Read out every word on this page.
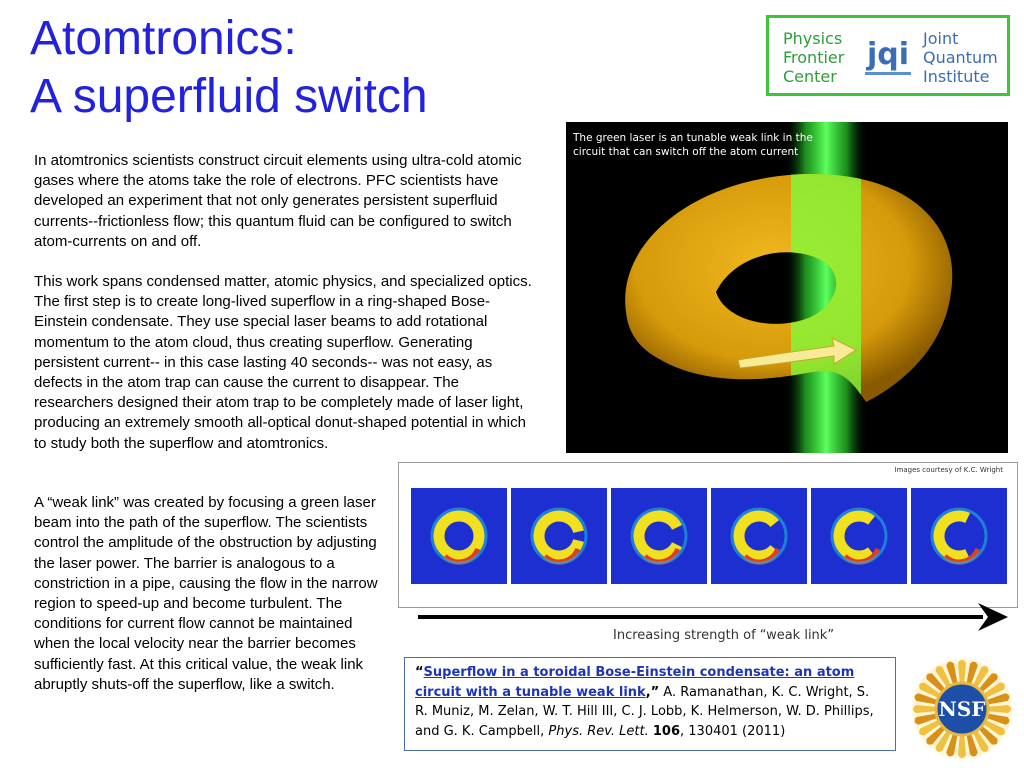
Atomtronics:
A superfluid switch
Physics
Frontier
Center
jqi Joint
Quantum
Institute

In atomtronics scientists construct circuit elements using ultra-cold atomic gases where the atoms take the role of electrons. PFC scientists have developed an experiment that not only generates persistent superfluid currents--frictionless flow; this quantum fluid can be configured to switch atom-currents on and off.

This work spans condensed matter, atomic physics, and specialized optics. The first step is to create long-lived superflow in a ring-shaped Bose-Einstein condensate. They use special laser beams to add rotational momentum to the atom cloud, thus creating superflow. Generating persistent current-- in this case lasting 40 seconds-- was not easy, as defects in the atom trap can cause the current to disappear. The researchers designed their atom trap to be completely made of laser light, producing an extremely smooth all-optical donut-shaped potential in which to study both the superflow and atomtronics.

A “weak link” was created by focusing a green laser beam into the path of the superflow. The scientists control the amplitude of the obstruction by adjusting the laser power. The barrier is analogous to a constriction in a pipe, causing the flow in the narrow region to speed-up and become turbulent. The conditions for current flow cannot be maintained when the local velocity near the barrier becomes sufficiently fast. At this critical value, the weak link abruptly shuts-off the superflow, like a switch.

The green laser is an tunable weak link in the circuit that can switch off the atom current
Images courtesy of K.C. Wright
Increasing strength of “weak link”
“Superflow in a toroidal Bose-Einstein condensate: an atom circuit with a tunable weak link,” A. Ramanathan, K. C. Wright, S. R. Muniz, M. Zelan, W. T. Hill III, C. J. Lobb, K. Helmerson, W. D. Phillips, and G. K. Campbell, Phys. Rev. Lett. 106, 130401 (2011)
NSF
